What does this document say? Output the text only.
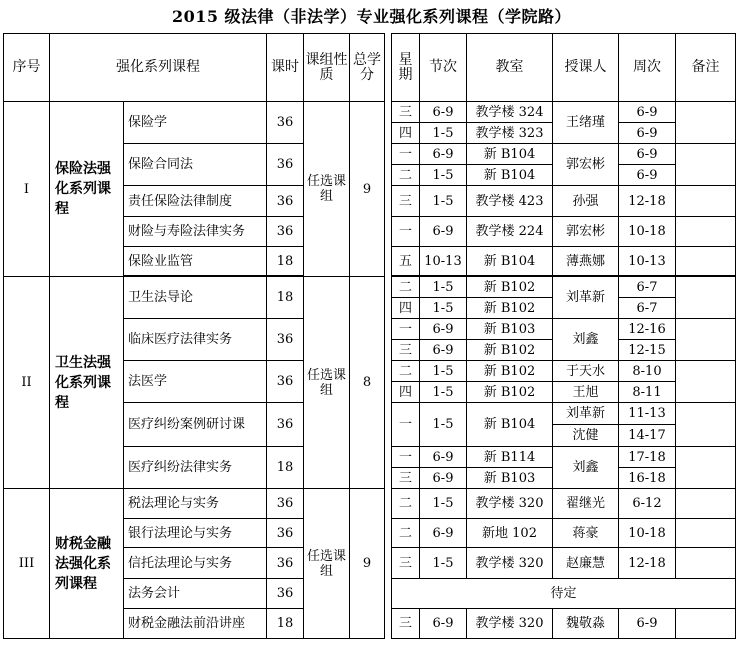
2015 级法律（非法学）专业强化系列课程（学院路）
序号	强化系列课程		课时	课组性质	总学分		星期	节次	教室	授课人	周次	备注
I	保险法强化系列课程	保险学	36	任选课组	9		三	6-9	教学楼 324	王绪瑾	6-9	
							四	1-5	教学楼 323		6-9	
		保险合同法	36				一	6-9	新 B104	郭宏彬	6-9	
							二	1-5	新 B104		6-9	
		责任保险法律制度	36				三	1-5	教学楼 423	孙强	12-18	
		财险与寿险法律实务	36				一	6-9	教学楼 224	郭宏彬	10-18	
		保险业监管	18				五	10-13	新 B104	薄燕娜	10-13	

II	卫生法强化系列课程	卫生法导论	18	任选课组	8		二	1-5	新 B102	刘革新	6-7	
							四	1-5	新 B102		6-7	
		临床医疗法律实务	36				一	6-9	新 B103	刘鑫	12-16	
							三	6-9	新 B102		12-15	
		法医学	36				二	1-5	新 B102	于天水	8-10	
							四	1-5	新 B102	王旭	8-11	
		医疗纠纷案例研讨课	36				一	1-5	新 B104	刘革新	11-13	
										沈健	14-17	
		医疗纠纷法律实务	18				一	6-9	新 B114	刘鑫	17-18	
							三	6-9	新 B103		16-18	
III	财税金融法强化系列课程	税法理论与实务	36	任选课组	9		二	1-5	教学楼 320	翟继光	6-12	
		银行法理论与实务	36				二	6-9	新地 102	蒋豪	10-18	
		信托法理论与实务	36				三	1-5	教学楼 320	赵廉慧	12-18	
		法务会计	36				待定					
		财税金融法前沿讲座	18				三	6-9	教学楼 320	魏敬淼	6-9	
